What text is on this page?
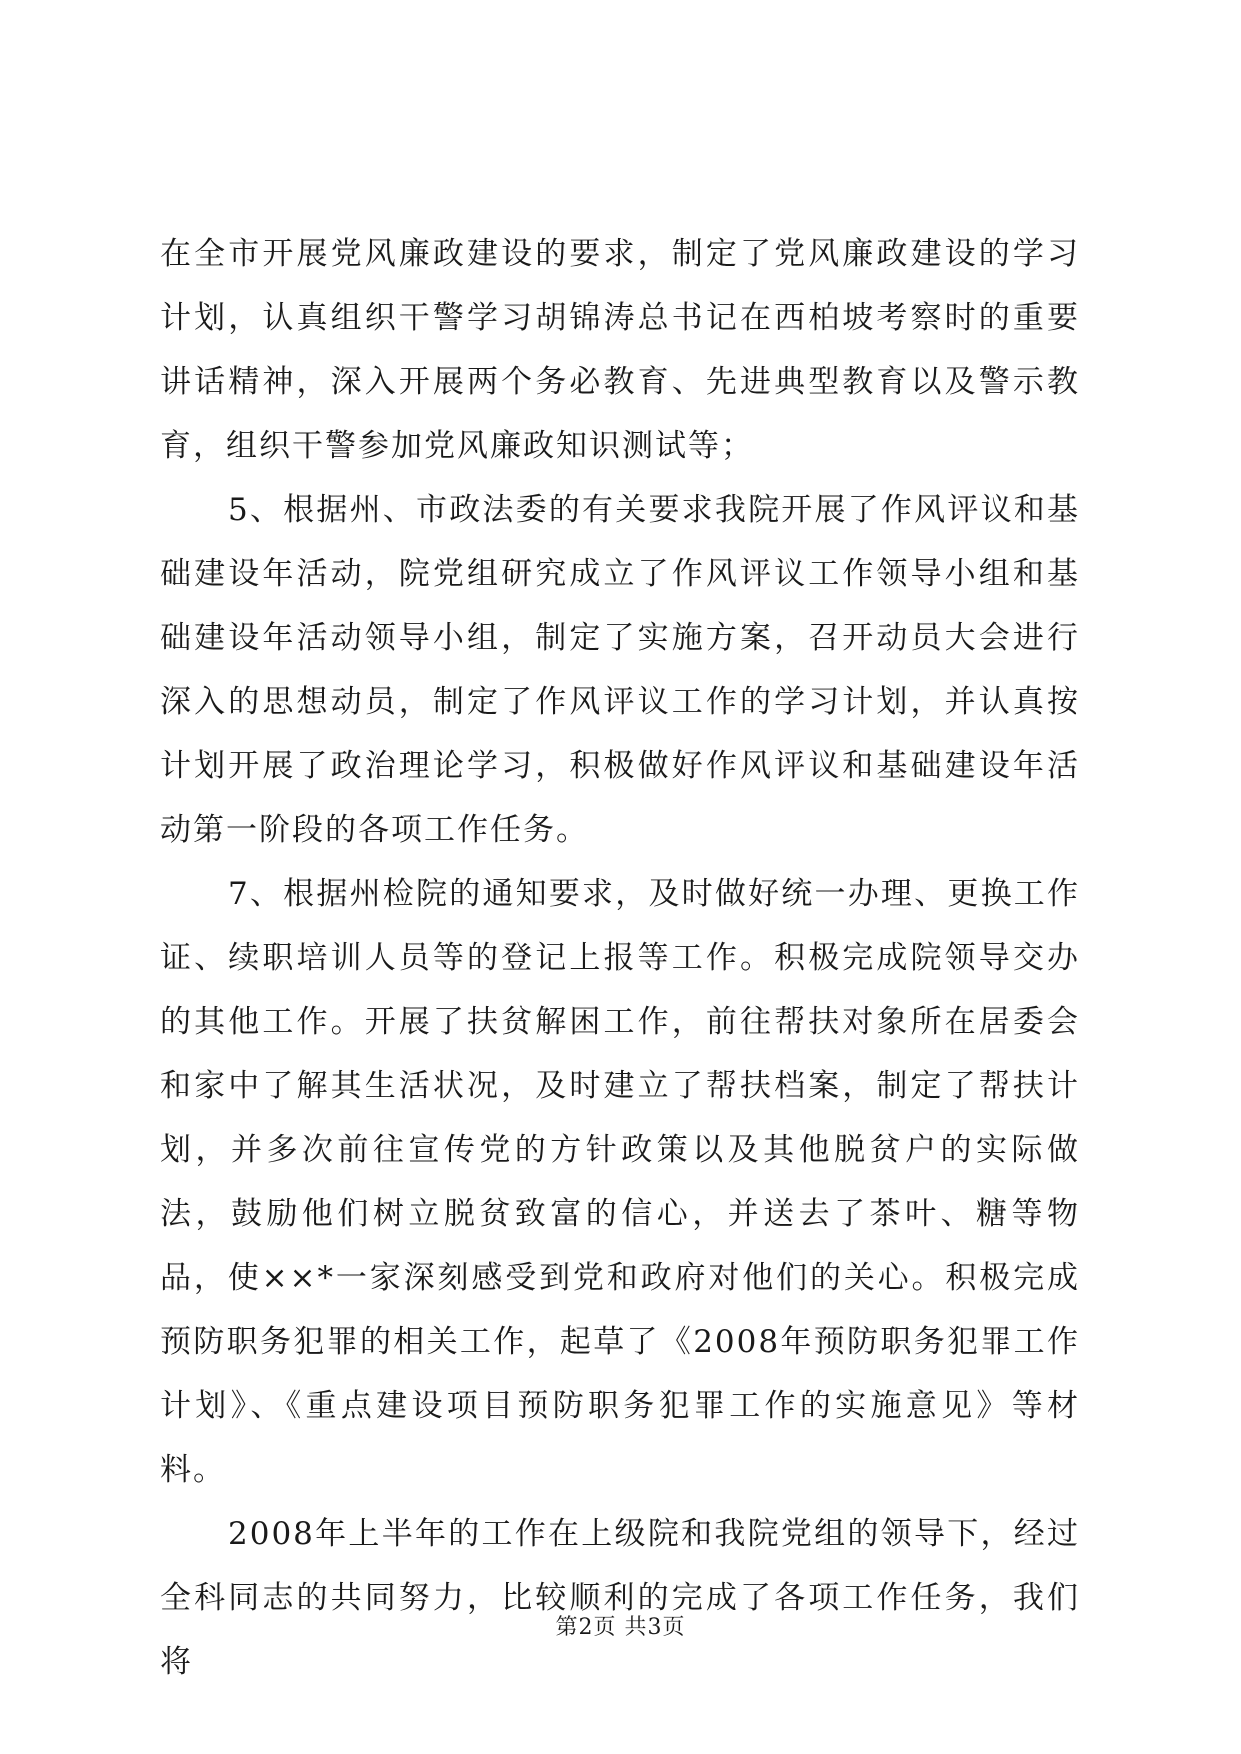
在全市开展党风廉政建设的要求，制定了党风廉政建设的学习计划，认真组织干警学习胡锦涛总书记在西柏坡考察时的重要讲话精神，深入开展两个务必教育、先进典型教育以及警示教育，组织干警参加党风廉政知识测试等；

5、根据州、市政法委的有关要求我院开展了作风评议和基础建设年活动，院党组研究成立了作风评议工作领导小组和基础建设年活动领导小组，制定了实施方案，召开动员大会进行深入的思想动员，制定了作风评议工作的学习计划，并认真按计划开展了政治理论学习，积极做好作风评议和基础建设年活动第一阶段的各项工作任务。

7、根据州检院的通知要求，及时做好统一办理、更换工作证、续职培训人员等的登记上报等工作。积极完成院领导交办的其他工作。开展了扶贫解困工作，前往帮扶对象所在居委会和家中了解其生活状况，及时建立了帮扶档案，制定了帮扶计划，并多次前往宣传党的方针政策以及其他脱贫户的实际做法，鼓励他们树立脱贫致富的信心，并送去了茶叶、糖等物品，使××*一家深刻感受到党和政府对他们的关心。积极完成预防职务犯罪的相关工作，起草了《2008年预防职务犯罪工作计划》、《重点建设项目预防职务犯罪工作的实施意见》等材料。

2008年上半年的工作在上级院和我院党组的领导下，经过全科同志的共同努力，比较顺利的完成了各项工作任务，我们将

第2页 共3页
